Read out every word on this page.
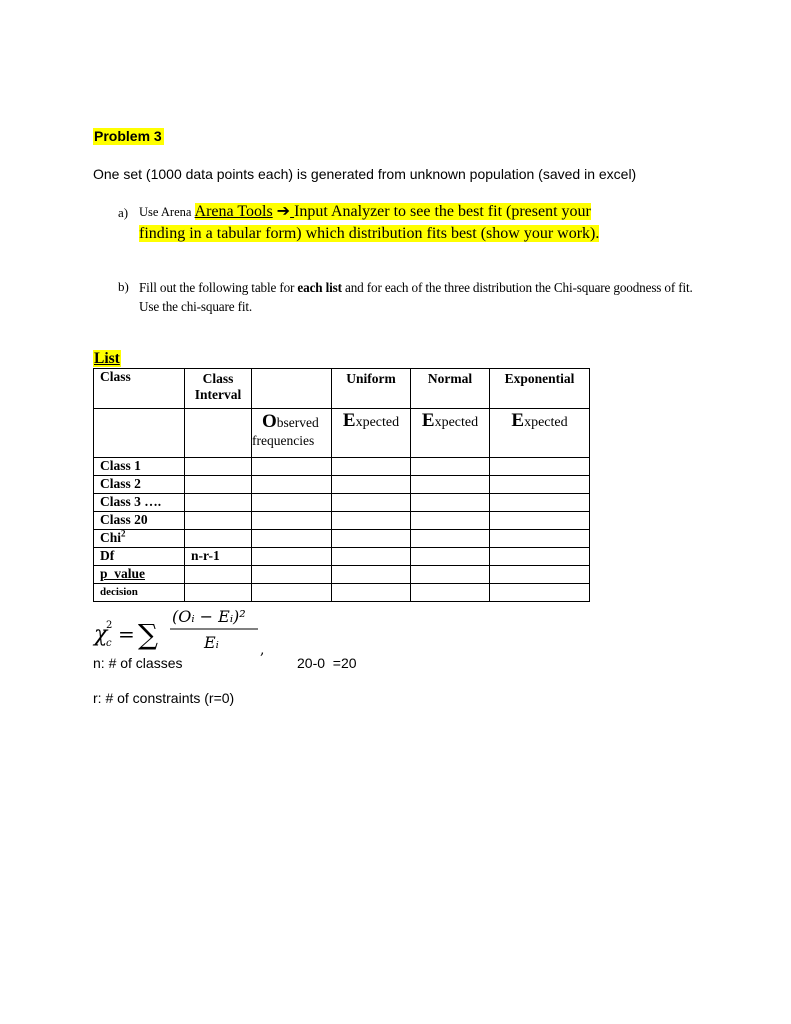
Problem 3
One set (1000 data points each) is generated from unknown population (saved in excel)
a) Use Arena Arena Tools ➔ Input Analyzer to see the best fit (present your
finding in a tabular form) which distribution fits best (show your work).
b) Fill out the following table for each list and for each of the three distribution the Chi-square goodness of fit. Use the chi-square fit.
List
Class	Class Interval		Uniform	Normal	Exponential
		Observed
frequencies	Expected	Expected	Expected
Class 1					
Class 2					
Class 3 ….					
Class 20					
Chi$^2$					
Df	n-r-1				
p_value					
decision					
χ
c
2 = ∑
(Oᵢ − Eᵢ)²
Eᵢ	,
n: # of classes	20-0  =20
r: # of constraints (r=0)
